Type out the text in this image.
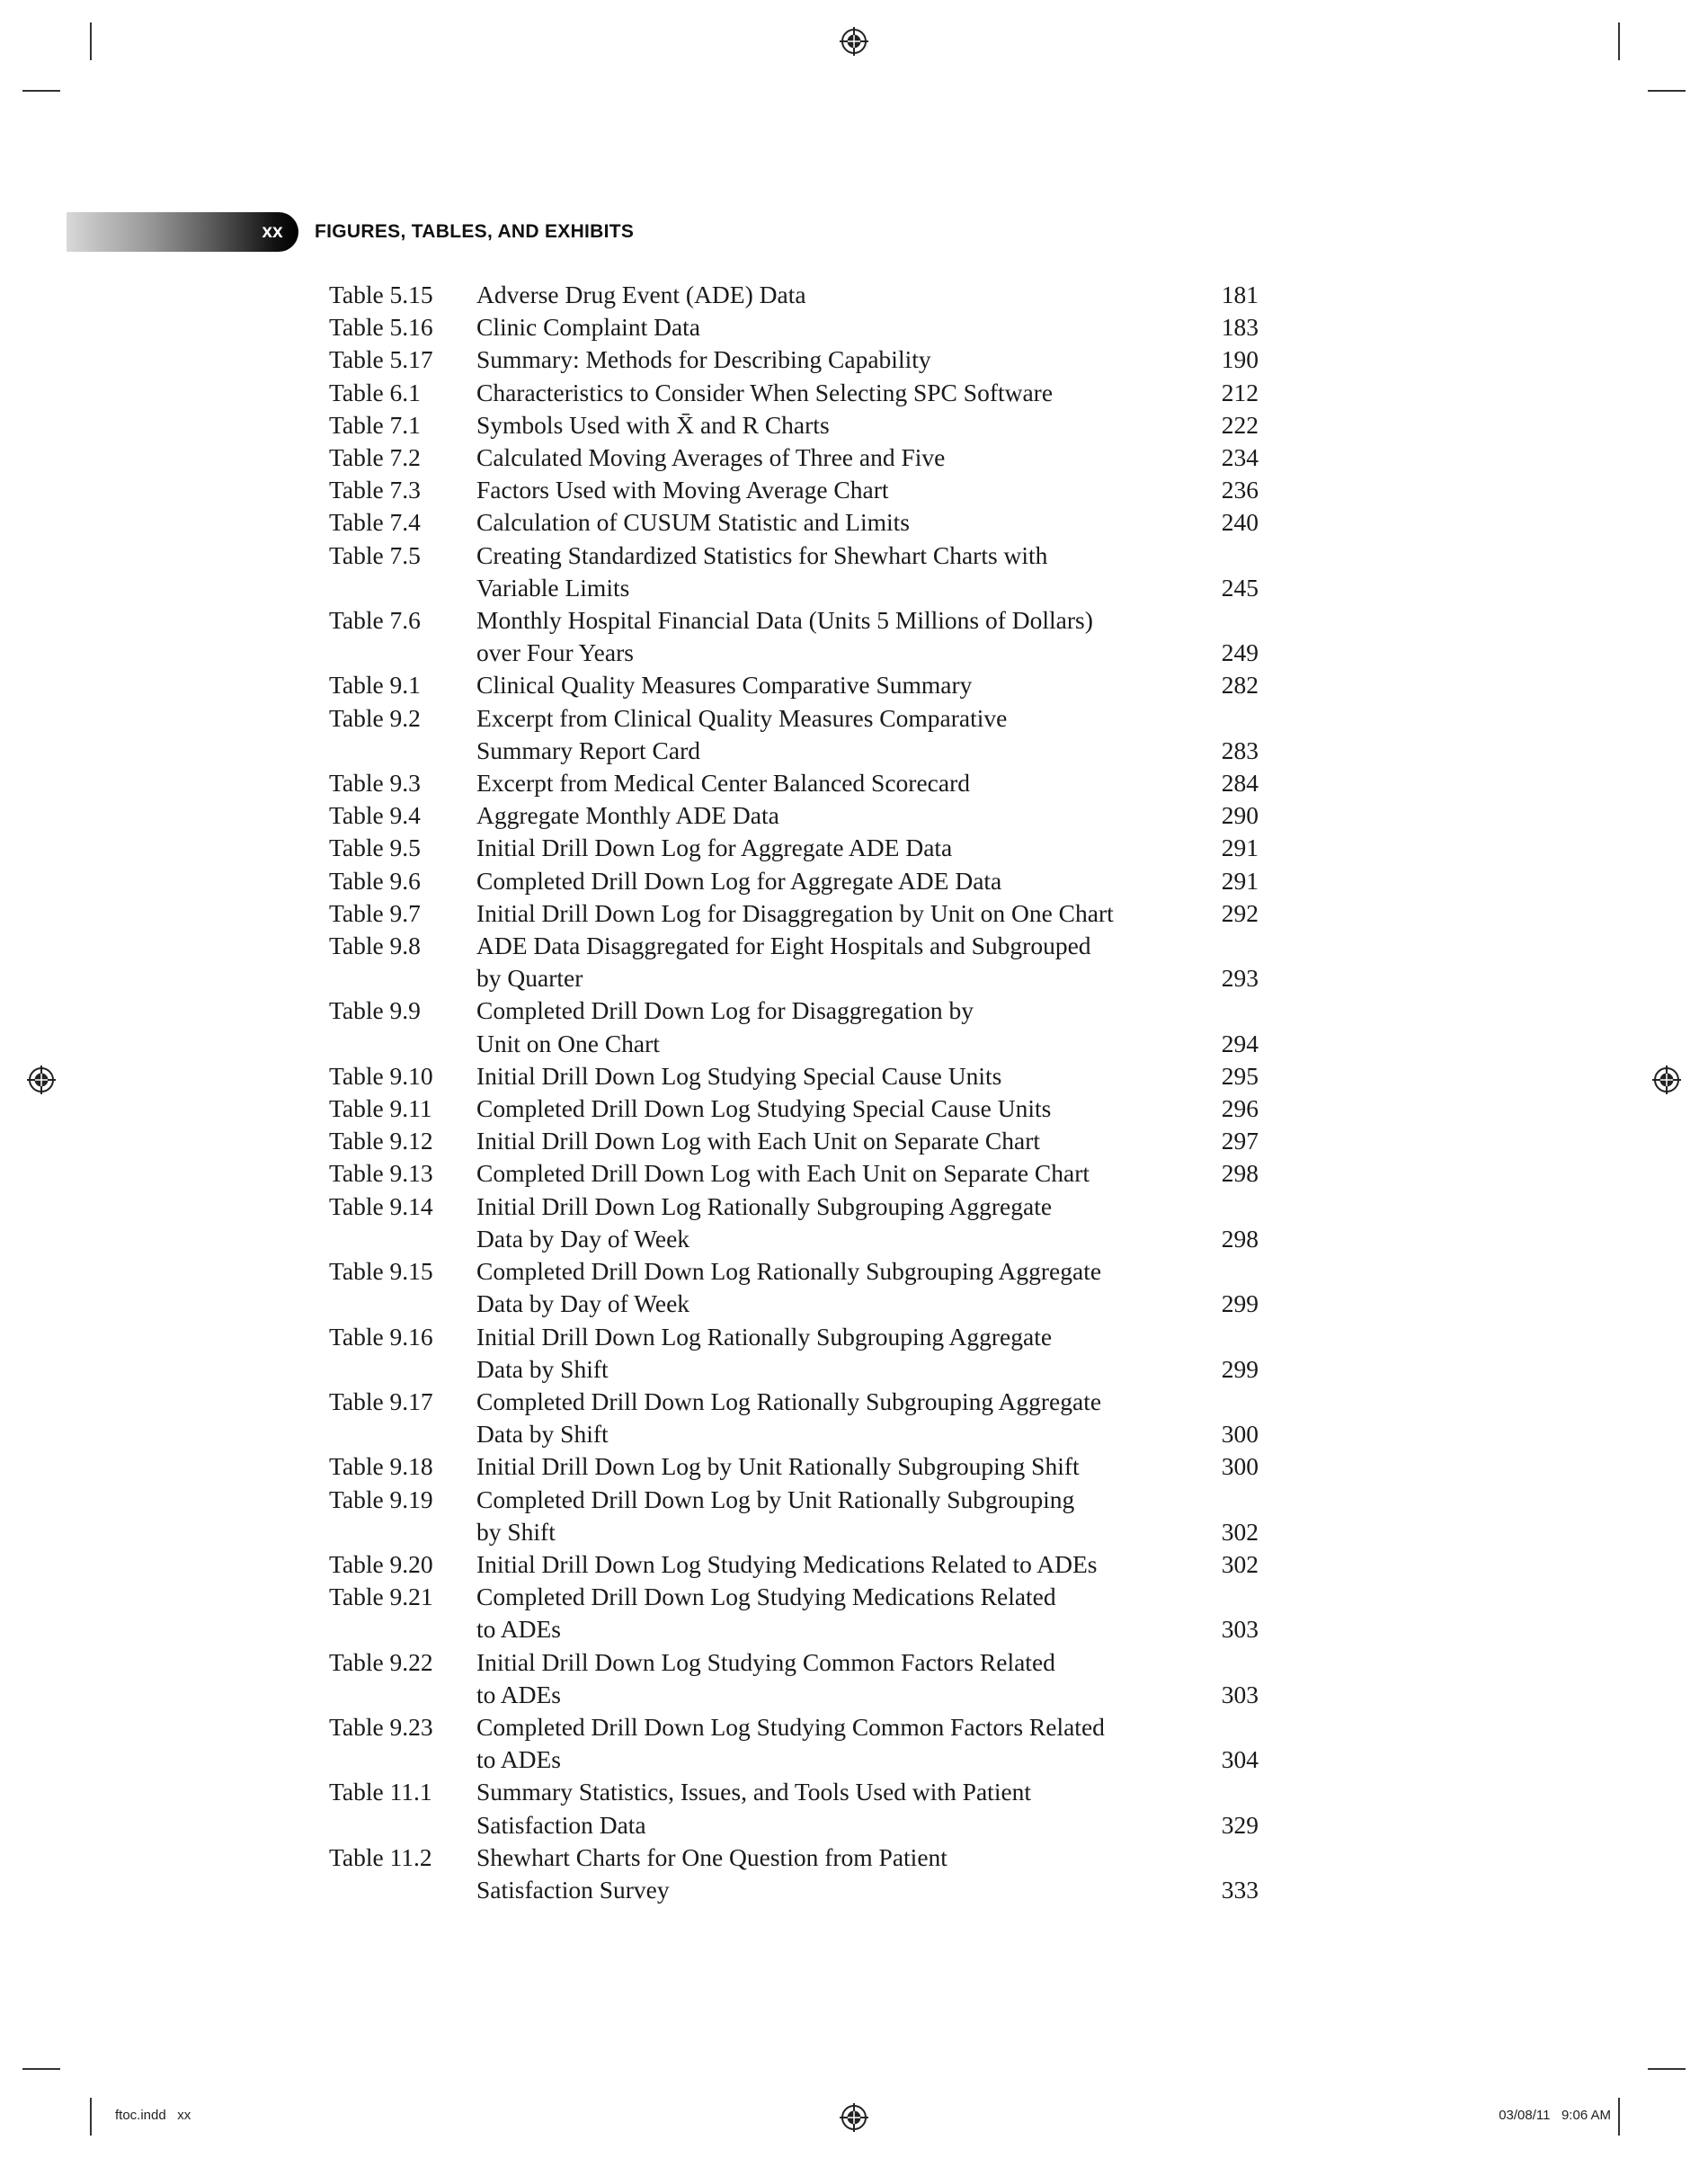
xx	FIGURES, TABLES, AND EXHIBITS
Table 5.15 Adverse Drug Event (ADE) Data	181
Table 5.16 Clinic Complaint Data	183
Table 5.17 Summary: Methods for Describing Capability	190
Table 6.1 Characteristics to Consider When Selecting SPC Software	212
Table 7.1 Symbols Used with X̄ and R Charts	222
Table 7.2 Calculated Moving Averages of Three and Five	234
Table 7.3 Factors Used with Moving Average Chart	236
Table 7.4 Calculation of CUSUM Statistic and Limits	240
Table 7.5 Creating Standardized Statistics for Shewhart Charts with
Variable Limits	245
Table 7.6 Monthly Hospital Financial Data (Units 5 Millions of Dollars)
over Four Years	249
Table 9.1 Clinical Quality Measures Comparative Summary	282
Table 9.2 Excerpt from Clinical Quality Measures Comparative
Summary Report Card	283
Table 9.3 Excerpt from Medical Center Balanced Scorecard	284
Table 9.4 Aggregate Monthly ADE Data	290
Table 9.5 Initial Drill Down Log for Aggregate ADE Data	291
Table 9.6 Completed Drill Down Log for Aggregate ADE Data	291
Table 9.7 Initial Drill Down Log for Disaggregation by Unit on One Chart	292
Table 9.8 ADE Data Disaggregated for Eight Hospitals and Subgrouped
by Quarter	293
Table 9.9 Completed Drill Down Log for Disaggregation by
Unit on One Chart	294
Table 9.10 Initial Drill Down Log Studying Special Cause Units	295
Table 9.11 Completed Drill Down Log Studying Special Cause Units	296
Table 9.12 Initial Drill Down Log with Each Unit on Separate Chart	297
Table 9.13 Completed Drill Down Log with Each Unit on Separate Chart	298
Table 9.14 Initial Drill Down Log Rationally Subgrouping Aggregate
Data by Day of Week	298
Table 9.15 Completed Drill Down Log Rationally Subgrouping Aggregate
Data by Day of Week	299
Table 9.16 Initial Drill Down Log Rationally Subgrouping Aggregate
Data by Shift	299
Table 9.17 Completed Drill Down Log Rationally Subgrouping Aggregate
Data by Shift	300
Table 9.18 Initial Drill Down Log by Unit Rationally Subgrouping Shift	300
Table 9.19 Completed Drill Down Log by Unit Rationally Subgrouping
by Shift	302
Table 9.20 Initial Drill Down Log Studying Medications Related to ADEs	302
Table 9.21 Completed Drill Down Log Studying Medications Related
to ADEs	303
Table 9.22 Initial Drill Down Log Studying Common Factors Related
to ADEs	303
Table 9.23 Completed Drill Down Log Studying Common Factors Related
to ADEs	304
Table 11.1 Summary Statistics, Issues, and Tools Used with Patient
Satisfaction Data	329
Table 11.2 Shewhart Charts for One Question from Patient
Satisfaction Survey	333
ftoc.indd   xx	03/08/11   9:06 AM
